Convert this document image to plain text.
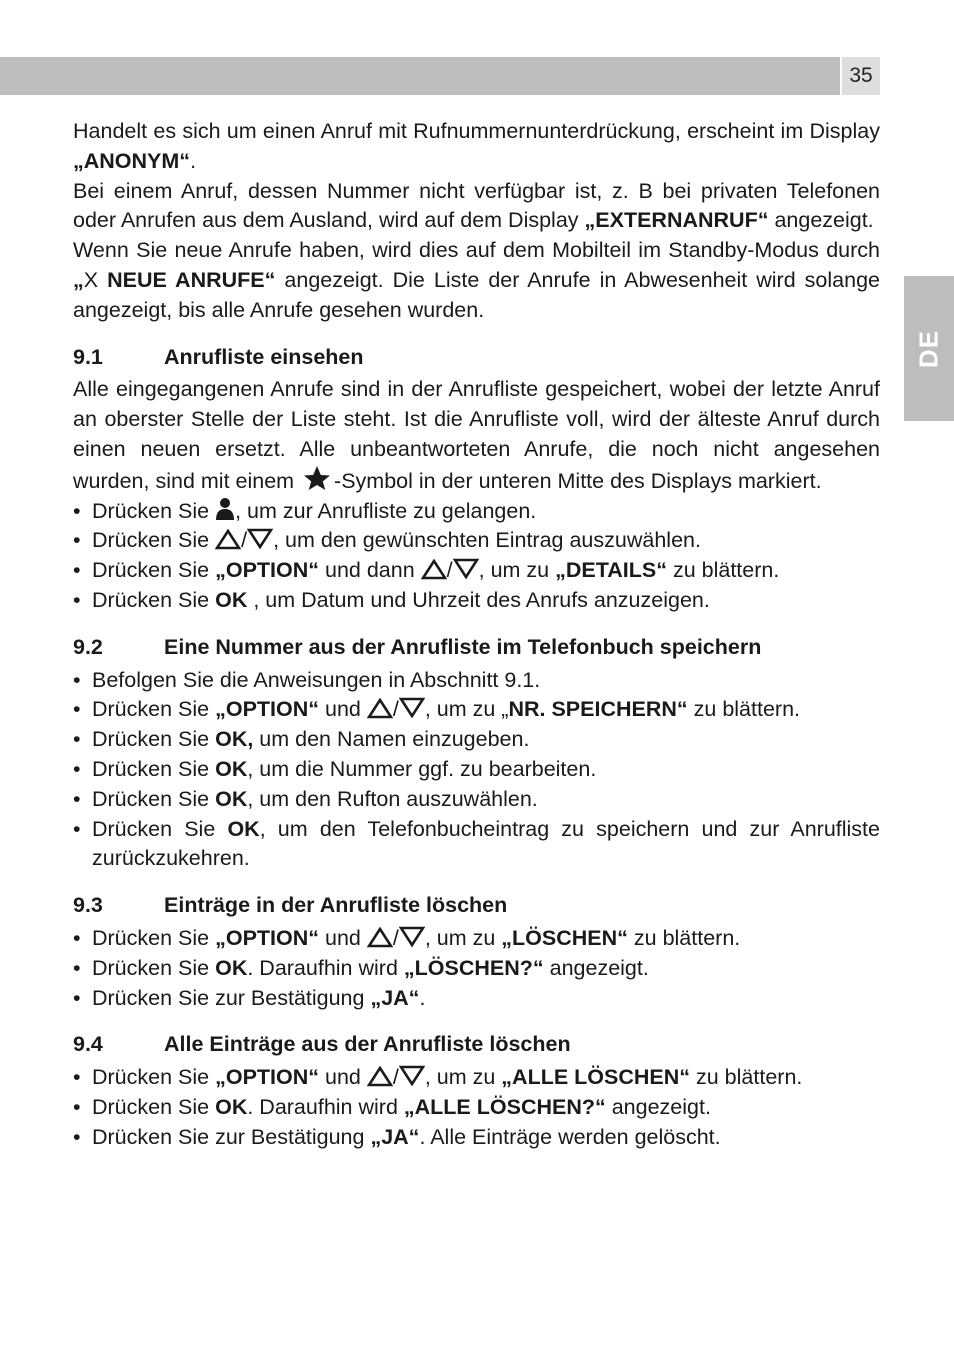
35
DE

Handelt es sich um einen Anruf mit Rufnummernunterdrückung, erscheint im Display „ANONYM“.

Bei einem Anruf, dessen Nummer nicht verfügbar ist, z. B bei privaten Telefonen oder Anrufen aus dem Ausland, wird auf dem Display „EXTERNANRUF“ angezeigt.

Wenn Sie neue Anrufe haben, wird dies auf dem Mobilteil im Standby-Modus durch „X NEUE ANRUFE“ angezeigt. Die Liste der Anrufe in Abwesenheit wird solange angezeigt, bis alle Anrufe gesehen wurden.

9.1	Anrufliste einsehen

Alle eingegangenen Anrufe sind in der Anrufliste gespeichert, wobei der letzte Anruf an oberster Stelle der Liste steht. Ist die Anrufliste voll, wird der älteste Anruf durch einen neuen ersetzt. Alle unbeantworteten Anrufe, die noch nicht angesehen wurden, sind mit einem -Symbol in der unteren Mitte des Displays markiert.

• Drücken Sie , um zur Anrufliste zu gelangen.
• Drücken Sie / , um den gewünschten Eintrag auszuwählen.
• Drücken Sie „OPTION“ und dann / , um zu „DETAILS“ zu blättern.
• Drücken Sie OK , um Datum und Uhrzeit des Anrufs anzuzeigen.
9.2	Eine Nummer aus der Anrufliste im Telefonbuch speichern
• Befolgen Sie die Anweisungen in Abschnitt 9.1.
• Drücken Sie „OPTION“ und / , um zu „NR. SPEICHERN“ zu blättern.
• Drücken Sie OK, um den Namen einzugeben.
• Drücken Sie OK, um die Nummer ggf. zu bearbeiten.
• Drücken Sie OK, um den Rufton auszuwählen.
• Drücken Sie OK, um den Telefonbucheintrag zu speichern und zur Anrufliste zurückzukehren.
9.3	Einträge in der Anrufliste löschen
• Drücken Sie „OPTION“ und / , um zu „LÖSCHEN“ zu blättern.
• Drücken Sie OK. Daraufhin wird „LÖSCHEN?“ angezeigt.
• Drücken Sie zur Bestätigung „JA“.
9.4	Alle Einträge aus der Anrufliste löschen
• Drücken Sie „OPTION“ und / , um zu „ALLE LÖSCHEN“ zu blättern.
• Drücken Sie OK. Daraufhin wird „ALLE LÖSCHEN?“ angezeigt.
• Drücken Sie zur Bestätigung „JA“. Alle Einträge werden gelöscht.
